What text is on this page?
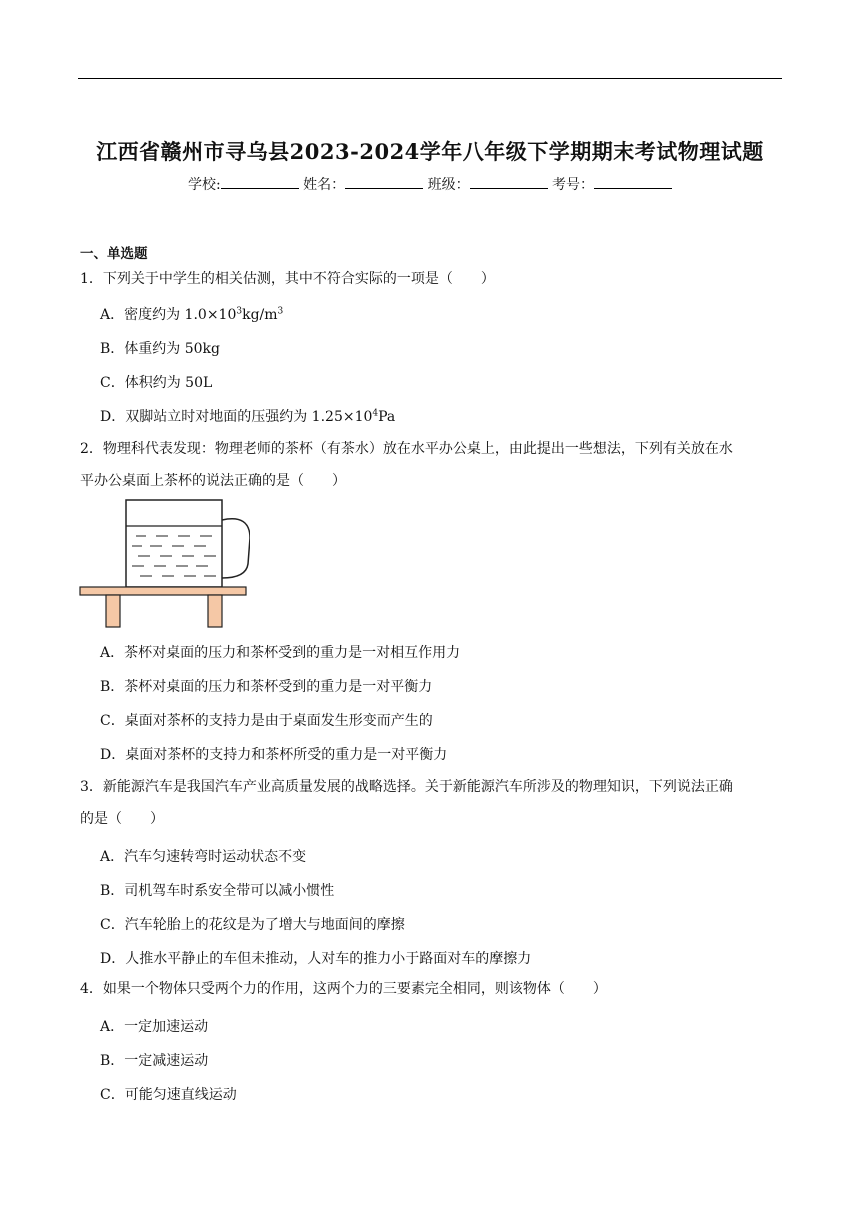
江西省赣州市寻乌县2023-2024学年八年级下学期期末考试物理试题
学校:	姓名：	班级：	考号：
一、单选题
1．下列关于中学生的相关估测，其中不符合实际的一项是（　　）
A．密度约为 $1.0\times 10^3kg/m^3$
B．体重约为 50kg
C．体积约为 50L
D．双脚站立时对地面的压强约为 $1.25\times 10^4Pa$
2．物理科代表发现：物理老师的茶杯（有茶水）放在水平办公桌上，由此提出一些想法，下列有关放在水
平办公桌面上茶杯的说法正确的是（　　）
A．茶杯对桌面的压力和茶杯受到的重力是一对相互作用力
B．茶杯对桌面的压力和茶杯受到的重力是一对平衡力
C．桌面对茶杯的支持力是由于桌面发生形变而产生的
D．桌面对茶杯的支持力和茶杯所受的重力是一对平衡力
3．新能源汽车是我国汽车产业高质量发展的战略选择。关于新能源汽车所涉及的物理知识，下列说法正确
的是（　　）
A．汽车匀速转弯时运动状态不变
B．司机驾车时系安全带可以减小惯性
C．汽车轮胎上的花纹是为了增大与地面间的摩擦
D．人推水平静止的车但未推动，人对车的推力小于路面对车的摩擦力
4．如果一个物体只受两个力的作用，这两个力的三要素完全相同，则该物体（　　）
A．一定加速运动
B．一定减速运动
C．可能匀速直线运动
